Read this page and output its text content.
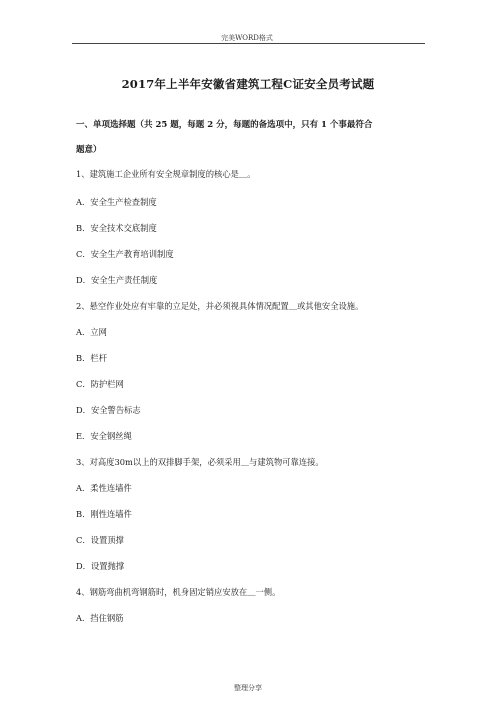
完美WORD格式
2017年上半年安徽省建筑工程C证安全员考试题
一、单项选择题（共 25 题，每题 2 分，每题的备选项中，只有 1 个事最符合
题意）
1、建筑施工企业所有安全规章制度的核心是＿。
A．安全生产检查制度
B．安全技术交底制度
C．安全生产教育培训制度
D．安全生产责任制度
2、悬空作业处应有牢靠的立足处，并必须视具体情况配置＿或其他安全设施。
A．立网
B．栏杆
C．防护栏网
D．安全警告标志
E．安全钢丝绳
3、对高度30m以上的双排脚手架，必须采用＿与建筑物可靠连接。
A．柔性连墙件
B．刚性连墙件
C．设置顶撑
D．设置抛撑
4、钢筋弯曲机弯钢筋时，机身固定销应安放在＿一侧。
A．挡住钢筋
整理分享
